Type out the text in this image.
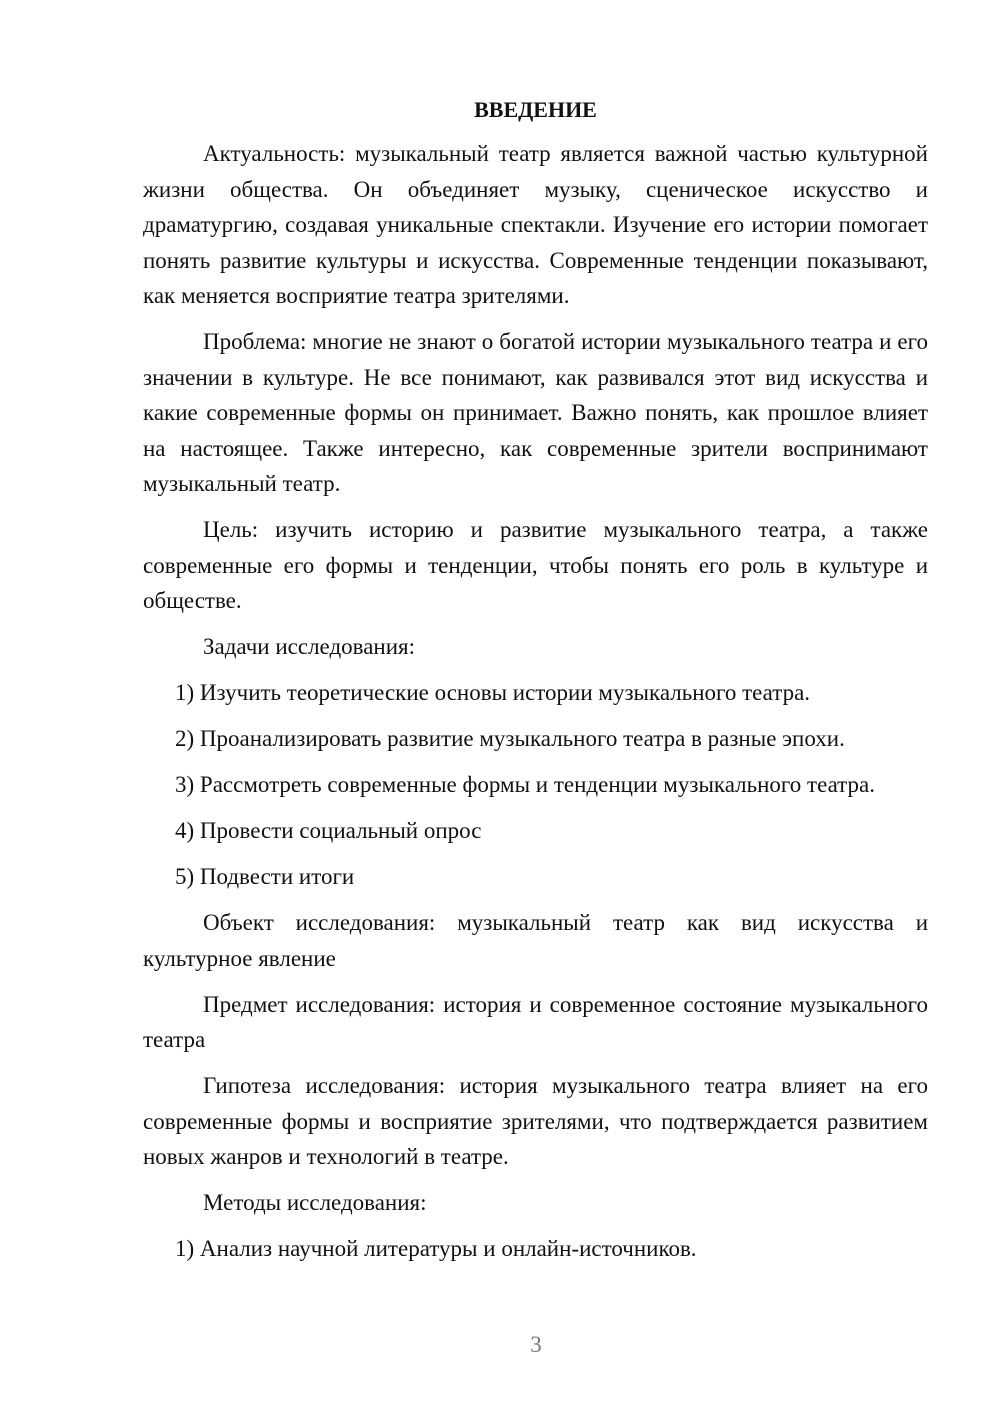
ВВЕДЕНИЕ

Актуальность: музыкальный театр является важной частью культурной жизни общества. Он объединяет музыку, сценическое искусство и драматургию, создавая уникальные спектакли. Изучение его истории помогает понять развитие культуры и искусства. Современные тенденции показывают, как меняется восприятие театра зрителями.

Проблема: многие не знают о богатой истории музыкального театра и его значении в культуре. Не все понимают, как развивался этот вид искусства и какие современные формы он принимает. Важно понять, как прошлое влияет на настоящее. Также интересно, как современные зрители воспринимают музыкальный театр.

Цель: изучить историю и развитие музыкального театра, а также современные его формы и тенденции, чтобы понять его роль в культуре и обществе.

Задачи исследования:

1) Изучить теоретические основы истории музыкального театра.

2) Проанализировать развитие музыкального театра в разные эпохи.

3) Рассмотреть современные формы и тенденции музыкального театра.

4) Провести социальный опрос

5) Подвести итоги

Объект исследования: музыкальный театр как вид искусства и культурное явление

Предмет исследования: история и современное состояние музыкального театра

Гипотеза исследования: история музыкального театра влияет на его современные формы и восприятие зрителями, что подтверждается развитием новых жанров и технологий в театре.

Методы исследования:

1) Анализ научной литературы и онлайн-источников.

3
